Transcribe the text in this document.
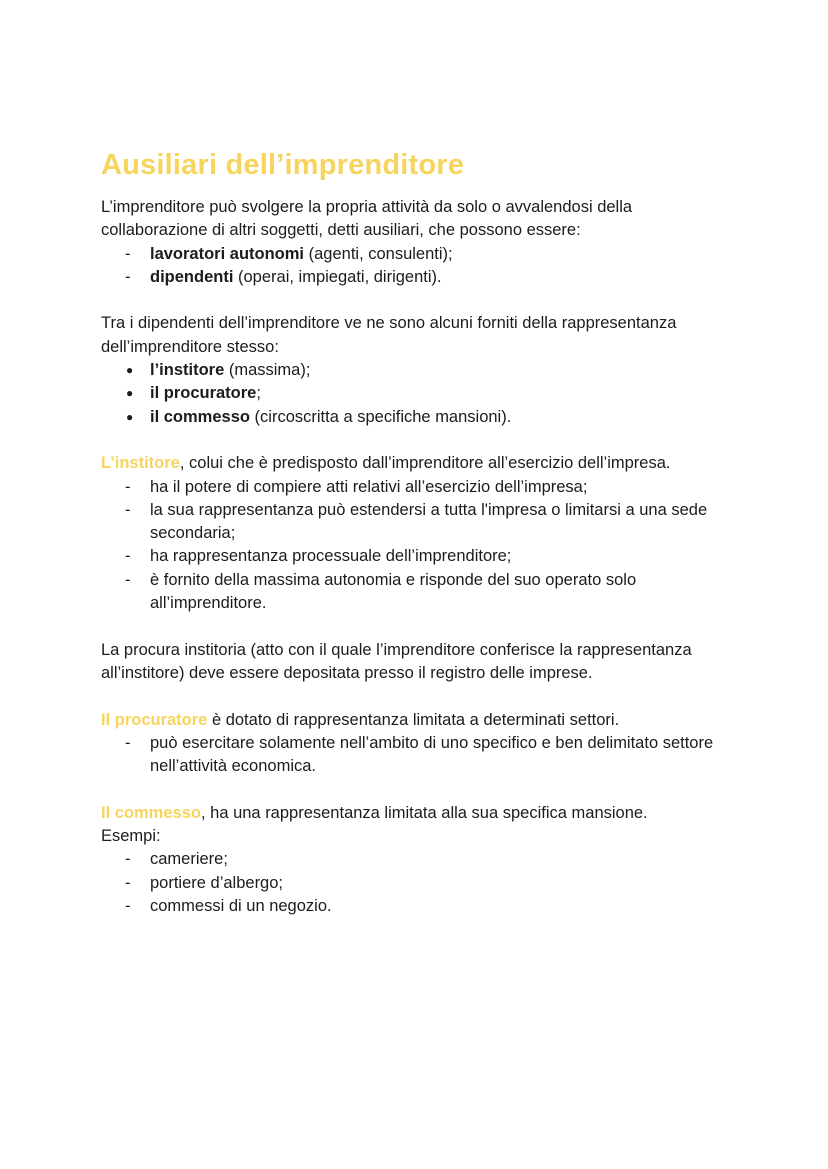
Ausiliari dell’imprenditore

L’imprenditore può svolgere la propria attività da solo o avvalendosi della collaborazione di altri soggetti, detti ausiliari, che possono essere:

- lavoratori autonomi (agenti, consulenti);
- dipendenti (operai, impiegati, dirigenti).

Tra i dipendenti dell’imprenditore ve ne sono alcuni forniti della rappresentanza dell’imprenditore stesso:

● l’institore (massima);
● il procuratore;
● il commesso (circoscritta a specifiche mansioni).

L’institore, colui che è predisposto dall’imprenditore all’esercizio dell’impresa.

- ha il potere di compiere atti relativi all’esercizio dell’impresa;
- la sua rappresentanza può estendersi a tutta l'impresa o limitarsi a una sede secondaria;
- ha rappresentanza processuale dell’imprenditore;
- è fornito della massima autonomia e risponde del suo operato solo all’imprenditore.

La procura institoria (atto con il quale l’imprenditore conferisce la rappresentanza all’institore) deve essere depositata presso il registro delle imprese.

Il procuratore è dotato di rappresentanza limitata a determinati settori.

- può esercitare solamente nell’ambito di uno specifico e ben delimitato settore nell’attività economica.

Il commesso, ha una rappresentanza limitata alla sua specifica mansione.

Esempi:

- cameriere;
- portiere d’albergo;
- commessi di un negozio.
